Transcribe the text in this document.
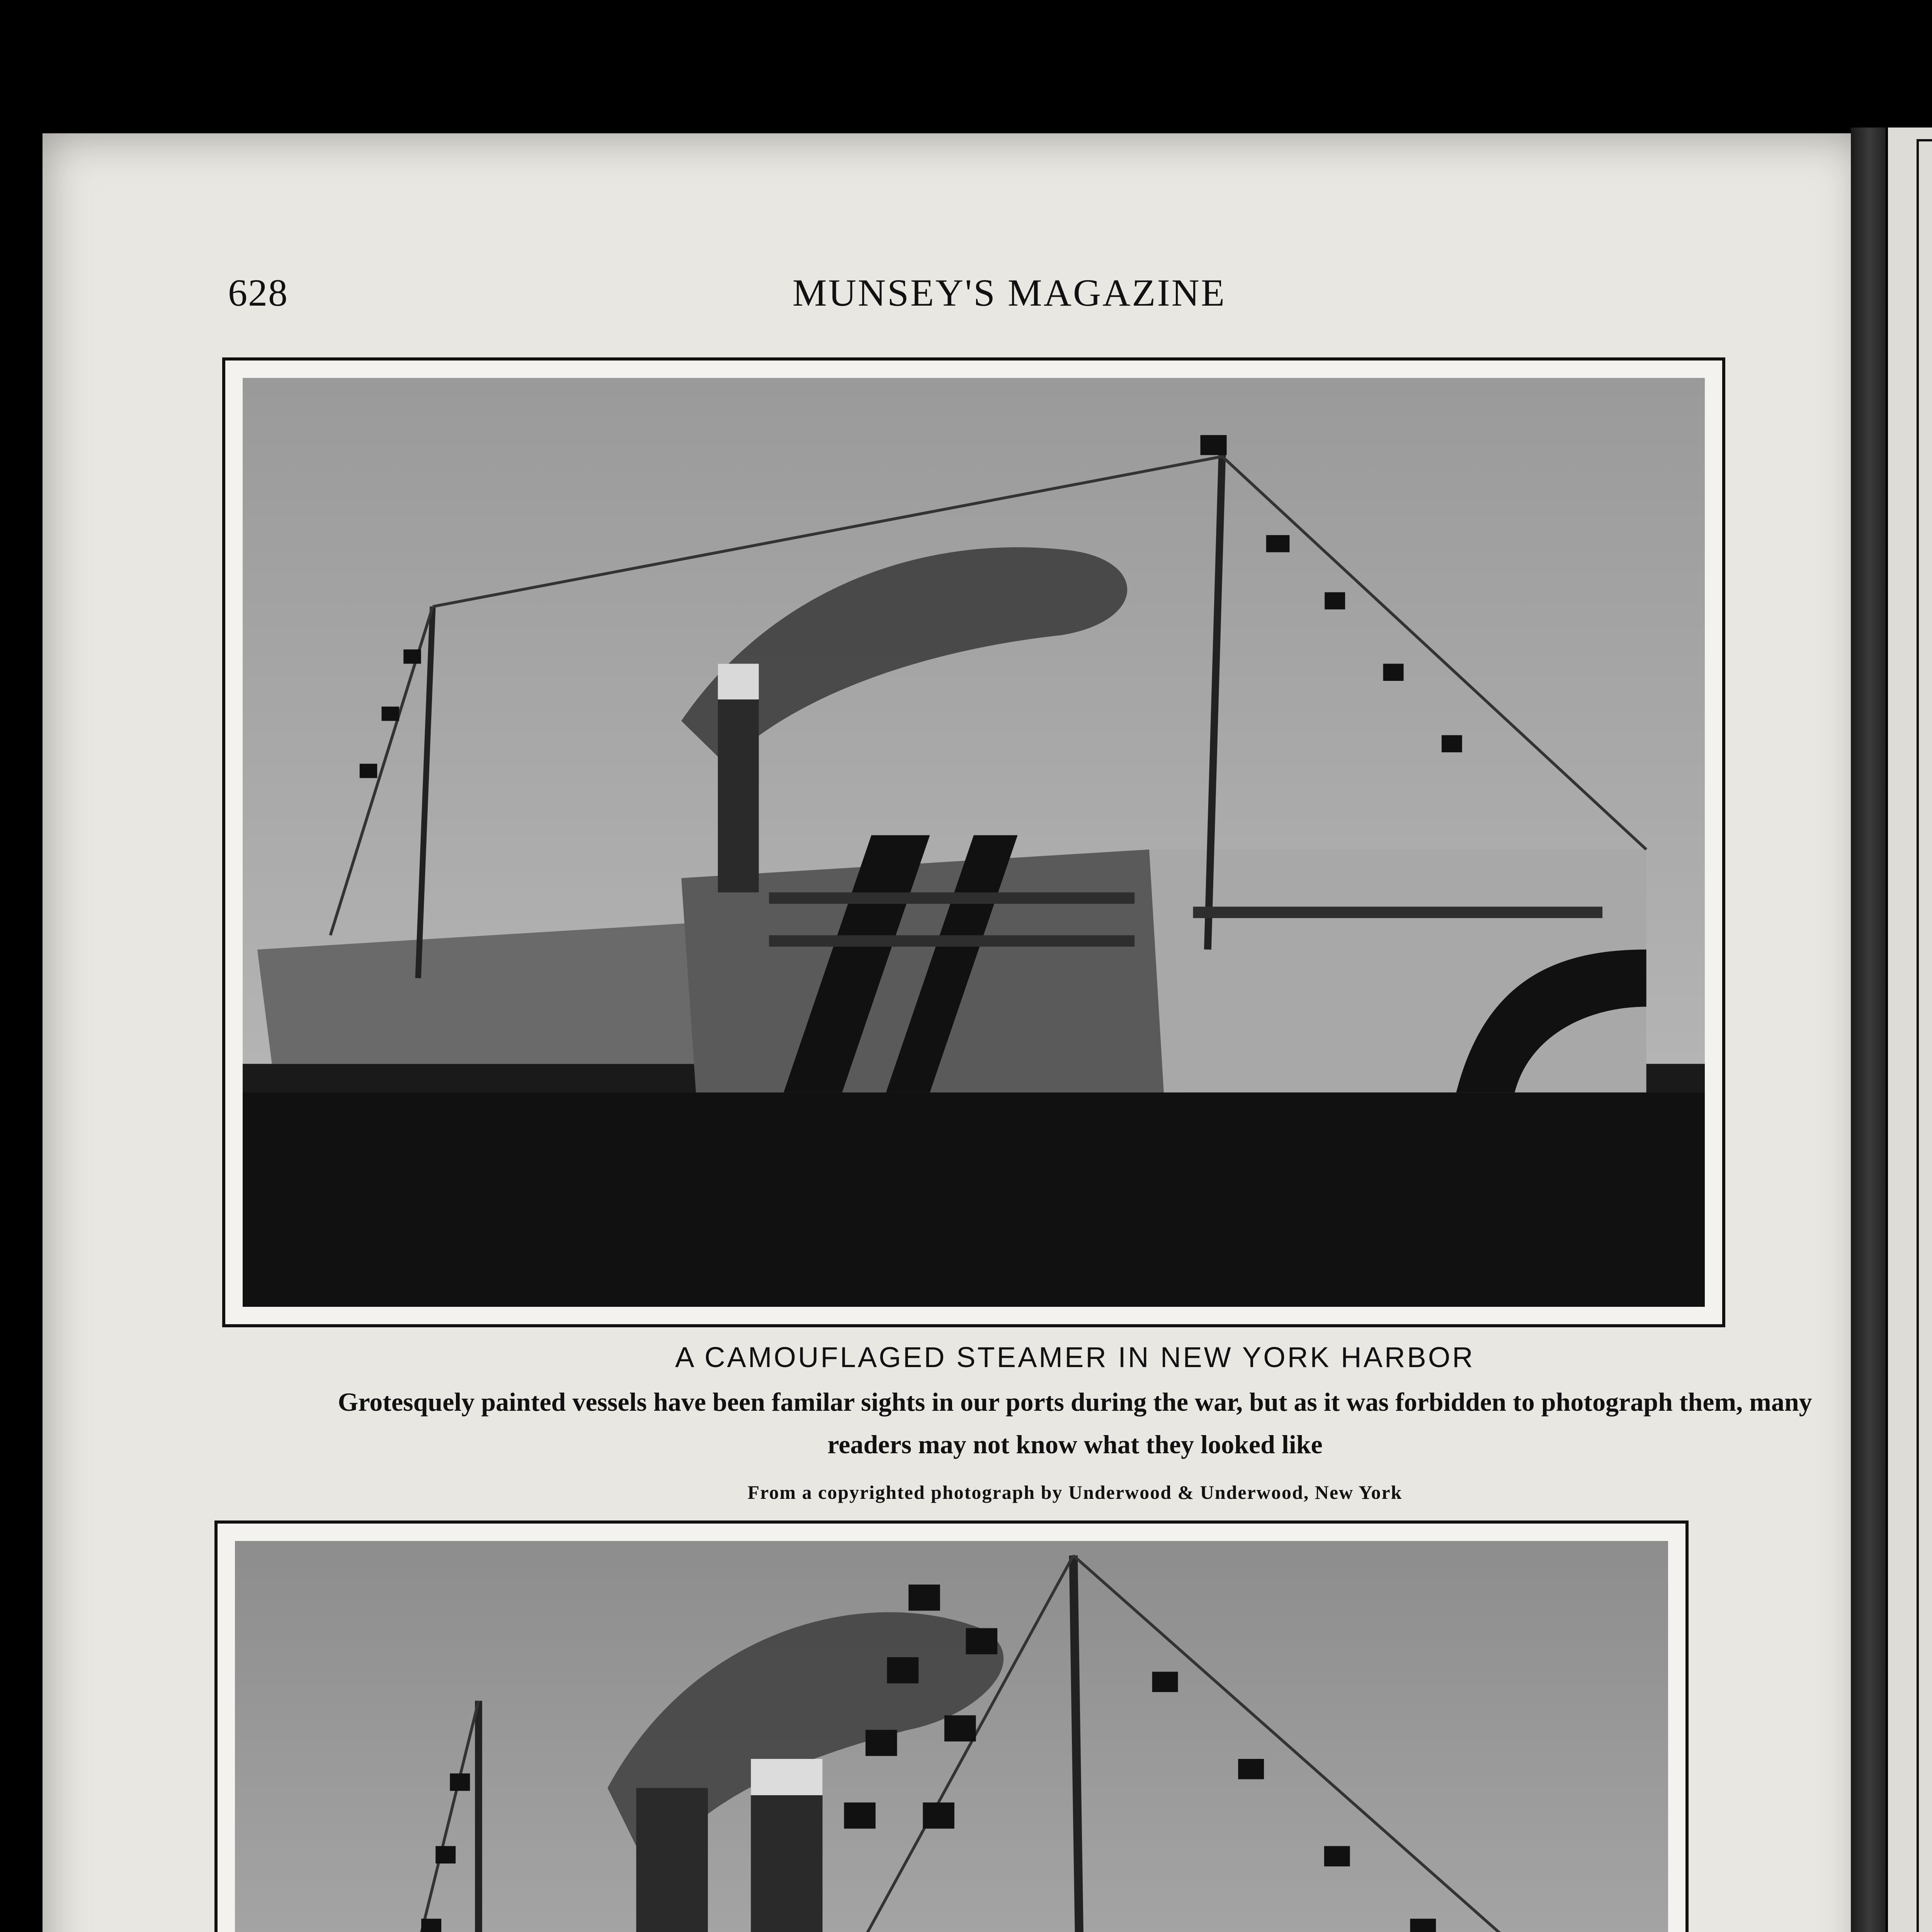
628	MUNSEY'S MAGAZINE
A CAMOUFLAGED STEAMER IN NEW YORK HARBOR
Grotesquely painted vessels have been familar sights in our ports during the war, but as it was forbidden to photograph them, many readers may not know what they looked like
From a copyrighted photograph by Underwood & Underwood, New York
